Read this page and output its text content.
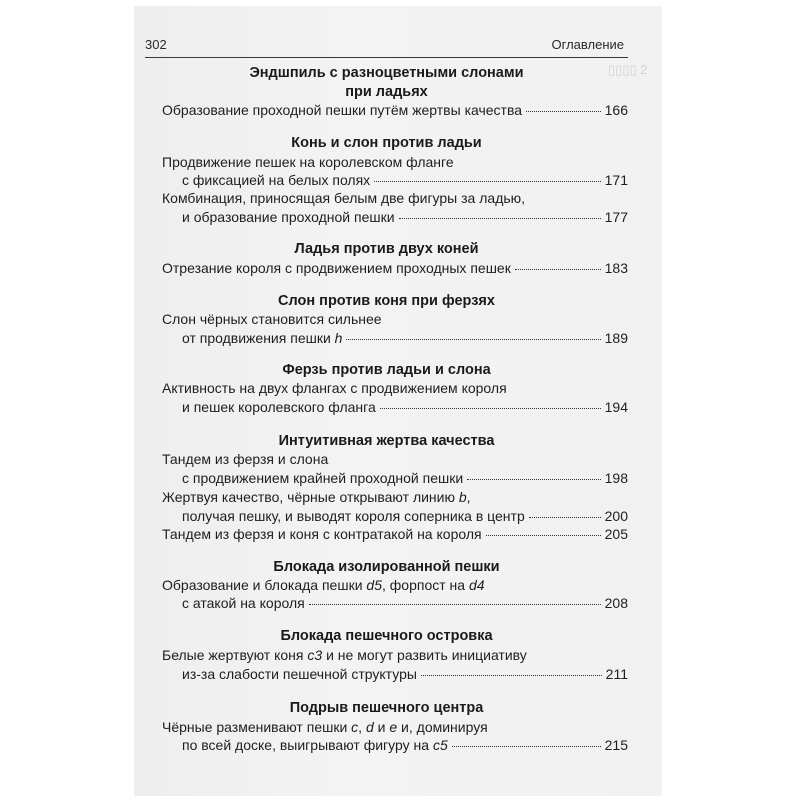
▯▯▯▯ 2
302	Оглавление
Эндшпиль с разноцветными слонами
при ладьях
Образование проходной пешки путём жертвы качества	166
Конь и слон против ладьи
Продвижение пешек на королевском фланге
с фиксацией на белых полях	171
Комбинация, приносящая белым две фигуры за ладью,
и образование проходной пешки	177
Ладья против двух коней
Отрезание короля с продвижением проходных пешек	183
Слон против коня при ферзях
Слон чёрных становится сильнее
от продвижения пешки h	189
Ферзь против ладьи и слона
Активность на двух флангах с продвижением короля
и пешек королевского фланга	194
Интуитивная жертва качества
Тандем из ферзя и слона
с продвижением крайней проходной пешки	198
Жертвуя качество, чёрные открывают линию b,
получая пешку, и выводят короля соперника в центр	200
Тандем из ферзя и коня с контратакой на короля	205
Блокада изолированной пешки
Образование и блокада пешки d5, форпост на d4
с атакой на короля	208
Блокада пешечного островка
Белые жертвуют коня c3 и не могут развить инициативу
из-за слабости пешечной структуры	211
Подрыв пешечного центра
Чёрные разменивают пешки c, d и e и, доминируя
по всей доске, выигрывают фигуру на c5	215
